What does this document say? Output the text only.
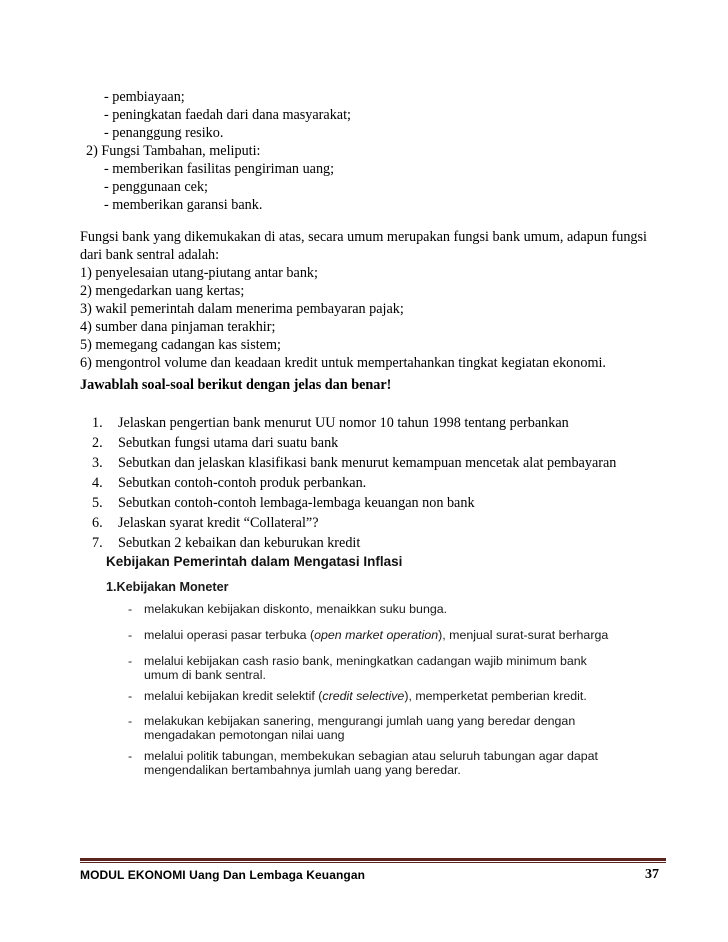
- pembiayaan;
- peningkatan faedah dari dana masyarakat;
- penanggung resiko.
2) Fungsi Tambahan, meliputi:
- memberikan fasilitas pengiriman uang;
- penggunaan cek;
- memberikan garansi bank.
Fungsi bank yang dikemukakan di atas, secara umum merupakan fungsi bank umum, adapun fungsi
dari bank sentral adalah:
1) penyelesaian utang-piutang antar bank;
2) mengedarkan uang kertas;
3) wakil pemerintah dalam menerima pembayaran pajak;
4) sumber dana pinjaman terakhir;
5) memegang cadangan kas sistem;
6) mengontrol volume dan keadaan kredit untuk mempertahankan tingkat kegiatan ekonomi.
Jawablah soal-soal berikut dengan jelas dan benar!
1. Jelaskan pengertian bank menurut UU nomor 10 tahun 1998 tentang perbankan
2. Sebutkan fungsi utama dari suatu bank
3. Sebutkan dan jelaskan klasifikasi bank menurut kemampuan mencetak alat pembayaran
4. Sebutkan contoh-contoh produk perbankan.
5. Sebutkan contoh-contoh lembaga-lembaga keuangan non bank
6. Jelaskan syarat kredit “Collateral”?
7. Sebutkan 2 kebaikan dan keburukan kredit
Kebijakan Pemerintah dalam Mengatasi Inflasi
1.Kebijakan Moneter
- melakukan kebijakan diskonto, menaikkan suku bunga.
- melalui operasi pasar terbuka (open market operation), menjual surat-surat berharga
- melalui kebijakan cash rasio bank, meningkatkan cadangan wajib minimum bank
umum di bank sentral.
- melalui kebijakan kredit selektif (credit selective), memperketat pemberian kredit.
- melakukan kebijakan sanering, mengurangi jumlah uang yang beredar dengan
mengadakan pemotongan nilai uang
- melalui politik tabungan, membekukan sebagian atau seluruh tabungan agar dapat
mengendalikan bertambahnya jumlah uang yang beredar.
MODUL EKONOMI Uang Dan Lembaga Keuangan	37
